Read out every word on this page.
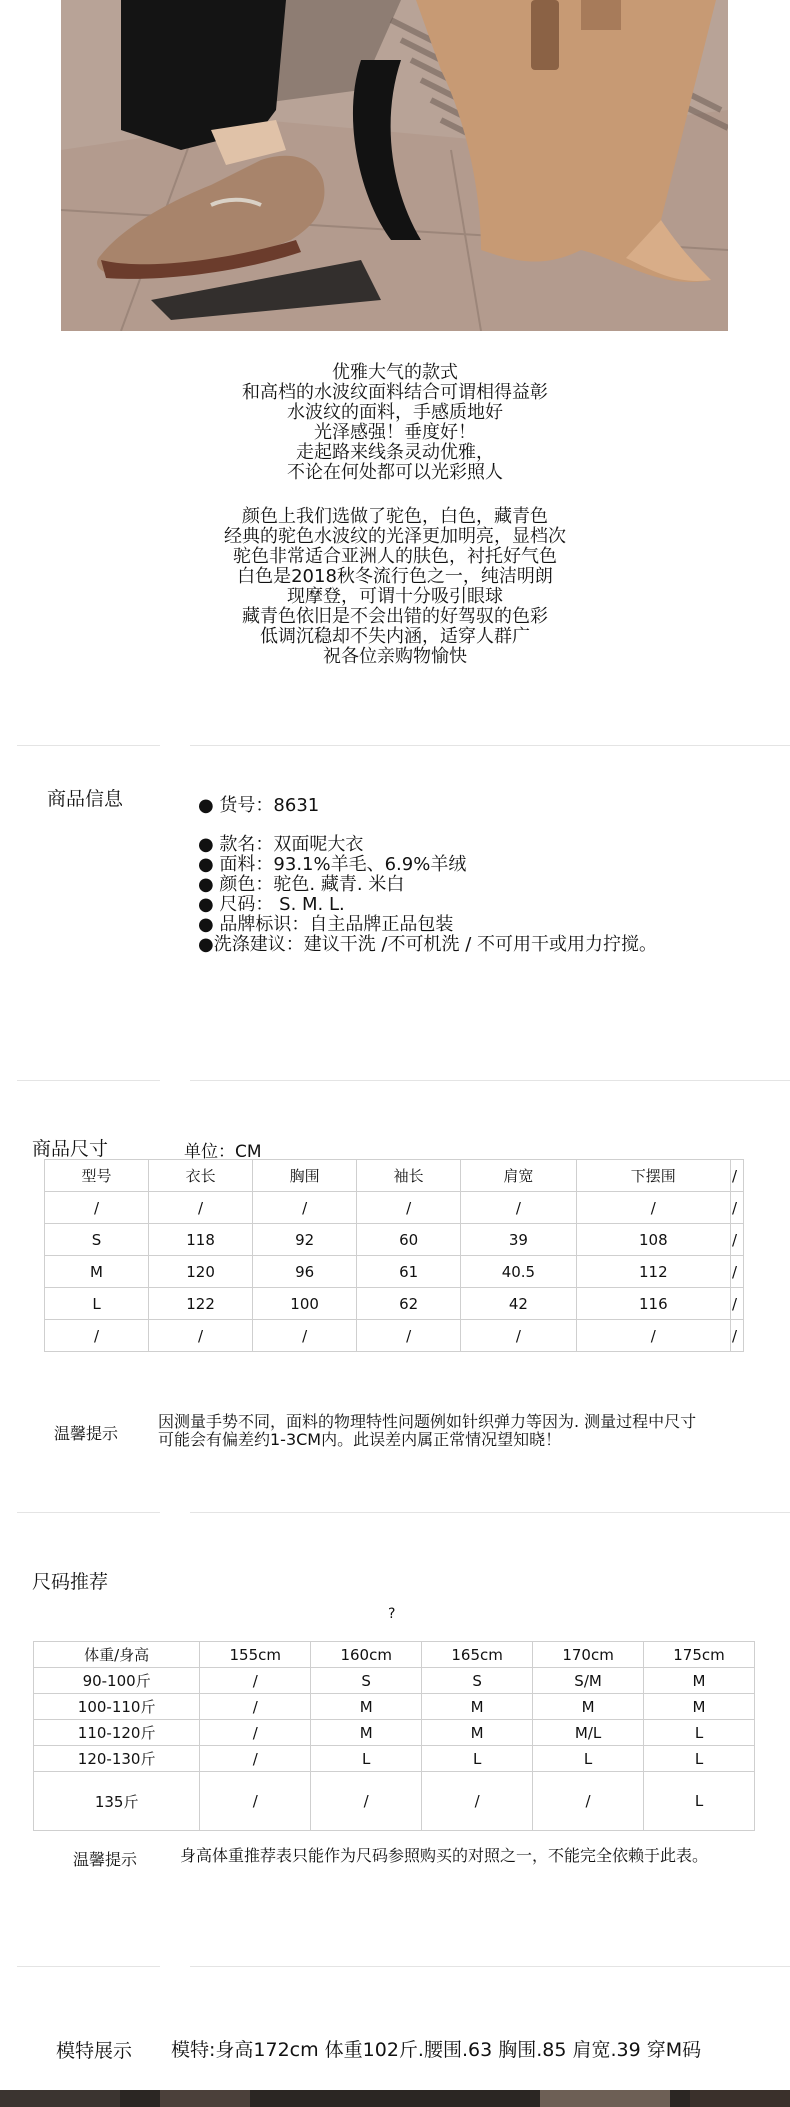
优雅大气的款式

和高档的水波纹面料结合可谓相得益彰

水波纹的面料，手感质地好

光泽感强！垂度好！

走起路来线条灵动优雅，

不论在何处都可以光彩照人

颜色上我们选做了驼色，白色，藏青色

经典的驼色水波纹的光泽更加明亮，显档次

驼色非常适合亚洲人的肤色，衬托好气色

白色是2018秋冬流行色之一，纯洁明朗

现摩登，可谓十分吸引眼球

藏青色依旧是不会出错的好驾驭的色彩

低调沉稳却不失内涵，适穿人群广

祝各位亲购物愉快

商品信息	● 货号：8631
● 款名：双面呢大衣
● 面料：93.1%羊毛、6.9%羊绒
● 颜色：驼色. 藏青. 米白
● 尺码： S. M. L.
● 品牌标识：自主品牌正品包装
●洗涤建议：建议干洗 /不可机洗 / 不可用干或用力拧搅。
商品尺寸	单位：CM
型号	衣长	胸围	袖长	肩宽	下摆围	/
/	/	/	/	/	/	/
S	118	92	60	39	108	/
M	120	96	61	40.5	112	/
L	122	100	62	42	116	/
/	/	/	/	/	/	/
温馨提示
因测量手势不同，面料的物理特性问题例如针织弹力等因为. 测量过程中尺寸
可能会有偏差约1-3CM内。此误差内属正常情况望知晓！
尺码推荐
?
体重/身高	155cm	160cm	165cm	170cm	175cm
90-100斤	/	S	S	S/M	M
100-110斤	/	M	M	M	M
110-120斤	/	M	M	M/L	L
120-130斤	/	L	L	L	L
135斤	/	/	/	/	L
温馨提示	身高体重推荐表只能作为尺码参照购买的对照之一，不能完全依赖于此表。
模特展示 模特:身高172cm 体重102斤.腰围.63 胸围.85 肩宽.39 穿M码
